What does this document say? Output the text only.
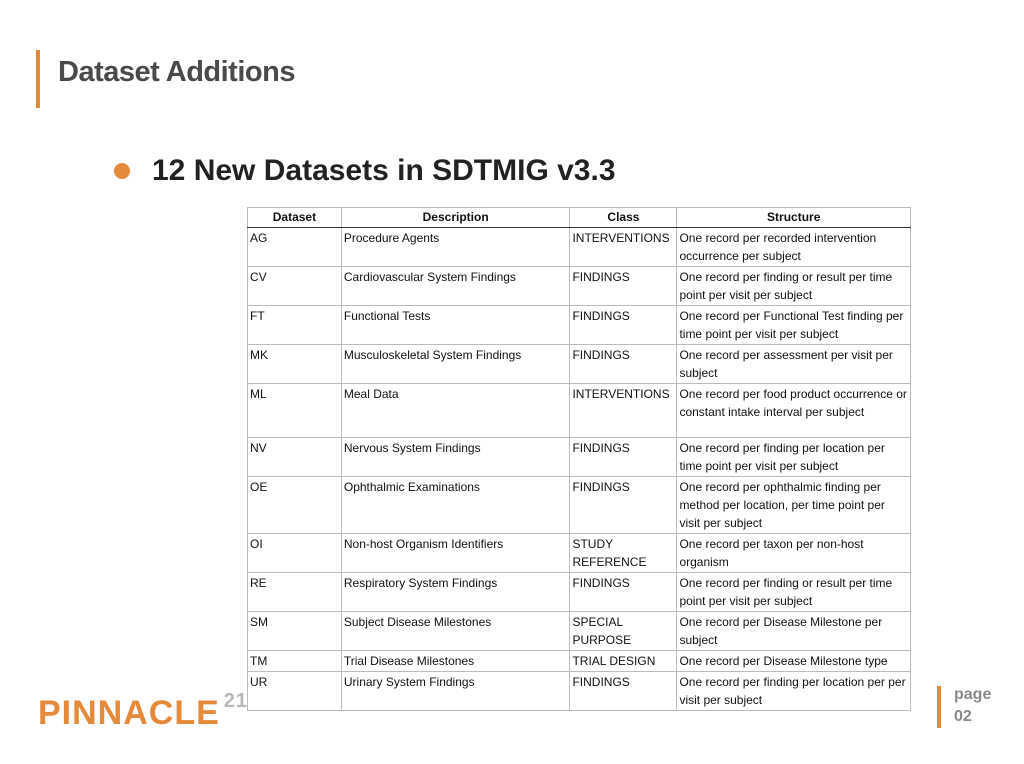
Dataset Additions
12 New Datasets in SDTMIG v3.3
Dataset	Description	Class	Structure
AG	Procedure Agents	INTERVENTIONS	One record per recorded intervention occurrence per subject
CV	Cardiovascular System Findings	FINDINGS	One record per finding or result per time point per visit per subject
FT	Functional Tests	FINDINGS	One record per Functional Test finding per time point per visit per subject
MK	Musculoskeletal System Findings	FINDINGS	One record per assessment per visit per subject
ML	Meal Data	INTERVENTIONS	One record per food product occurrence or constant intake interval per subject
NV	Nervous System Findings	FINDINGS	One record per finding per location per time point per visit per subject
OE	Ophthalmic Examinations	FINDINGS	One record per ophthalmic finding per method per location, per time point per visit per subject
OI	Non-host Organism Identifiers	STUDY REFERENCE	One record per taxon per non-host organism
RE	Respiratory System Findings	FINDINGS	One record per finding or result per time point per visit per subject
SM	Subject Disease Milestones	SPECIAL PURPOSE	One record per Disease Milestone per subject
TM	Trial Disease Milestones	TRIAL DESIGN	One record per Disease Milestone type
UR	Urinary System Findings	FINDINGS	One record per finding per location per per visit per subject
PINNACLE 21	page
02
